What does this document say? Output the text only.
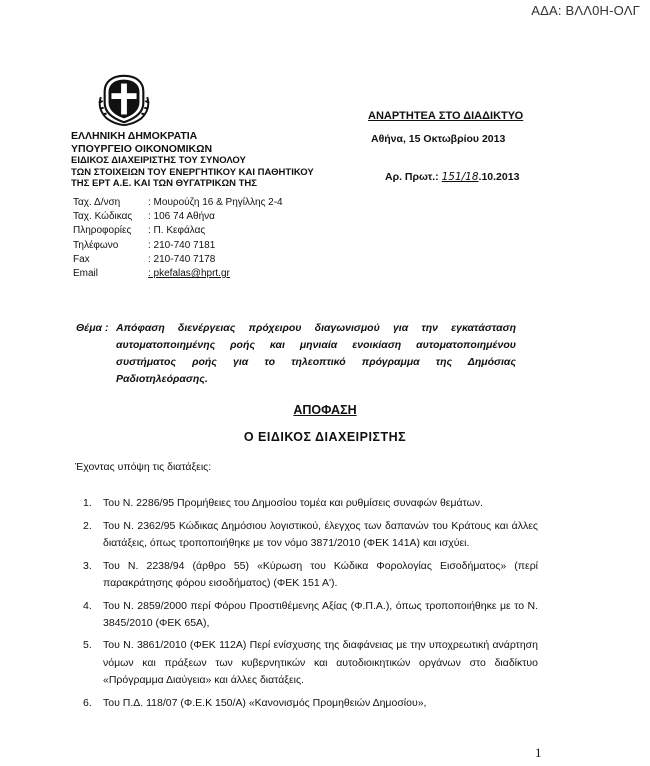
ΑΔΑ: ΒΛΛ0Η-ΟΛΓ
ΕΛΛΗΝΙΚΗ ΔΗΜΟΚΡΑΤΙΑ
ΥΠΟΥΡΓΕΙΟ ΟΙΚΟΝΟΜΙΚΩΝ
ΕΙΔΙΚΟΣ ΔΙΑΧΕΙΡΙΣΤΗΣ ΤΟΥ ΣΥΝΟΛΟΥ
ΤΩΝ ΣΤΟΙΧΕΙΩΝ ΤΟΥ ΕΝΕΡΓΗΤΙΚΟΥ ΚΑΙ ΠΑΘΗΤΙΚΟΥ
ΤΗΣ ΕΡΤ Α.Ε. ΚΑΙ ΤΩΝ ΘΥΓΑΤΡΙΚΩΝ ΤΗΣ
ΑΝΑΡΤΗΤΕΑ ΣΤΟ ΔΙΑΔΙΚΤΥΟ
Αθήνα, 15 Οκτωβρίου 2013
Αρ. Πρωτ.: 151/18.10.2013
Ταχ. Δ/νση	: Μουρούζη 16 & Ρηγίλλης 2-4
Ταχ. Κώδικας	: 106 74 Αθήνα
Πληροφορίες	: Π. Κεφάλας
Τηλέφωνο	: 210-740 7181
Fax	: 210-740 7178
Email	: pkefalas@hprt.gr
Θέμα : Απόφαση διενέργειας πρόχειρου διαγωνισμού για την εγκατάσταση αυτοματοποιημένης ροής και μηνιαία ενοικίαση αυτοματοποιημένου συστήματος ροής για το τηλεοπτικό πρόγραμμα της Δημόσιας Ραδιοτηλεόρασης.
ΑΠΟΦΑΣΗ
Ο ΕΙΔΙΚΟΣ ΔΙΑΧΕΙΡΙΣΤΗΣ
Έχοντας υπόψη τις διατάξεις:
1.	Του Ν. 2286/95 Προμήθειες του Δημοσίου τομέα και ρυθμίσεις συναφών θεμάτων.
2.	Του Ν. 2362/95 Κώδικας Δημόσιου λογιστικού, έλεγχος των δαπανών του Κράτους και άλλες διατάξεις, όπως τροποποιήθηκε με τον νόμο 3871/2010 (ΦΕΚ 141Α) και ισχύει.
3.	Του Ν. 2238/94 (άρθρο 55) «Κύρωση του Κώδικα Φορολογίας Εισοδήματος» (περί παρακράτησης φόρου εισοδήματος) (ΦΕΚ 151 Α').
4.	Του Ν. 2859/2000 περί Φόρου Προστιθέμενης Αξίας (Φ.Π.Α.), όπως τροποποιήθηκε με το Ν. 3845/2010 (ΦΕΚ 65Α),
5.	Του Ν. 3861/2010 (ΦΕΚ 112Α) Περί ενίσχυσης της διαφάνειας με την υποχρεωτική ανάρτηση νόμων και πράξεων των κυβερνητικών και αυτοδιοικητικών οργάνων στο διαδίκτυο «Πρόγραμμα Διαύγεια» και άλλες διατάξεις.
6.	Του Π.Δ. 118/07 (Φ.Ε.Κ 150/Α) «Κανονισμός Προμηθειών Δημοσίου»,
1
